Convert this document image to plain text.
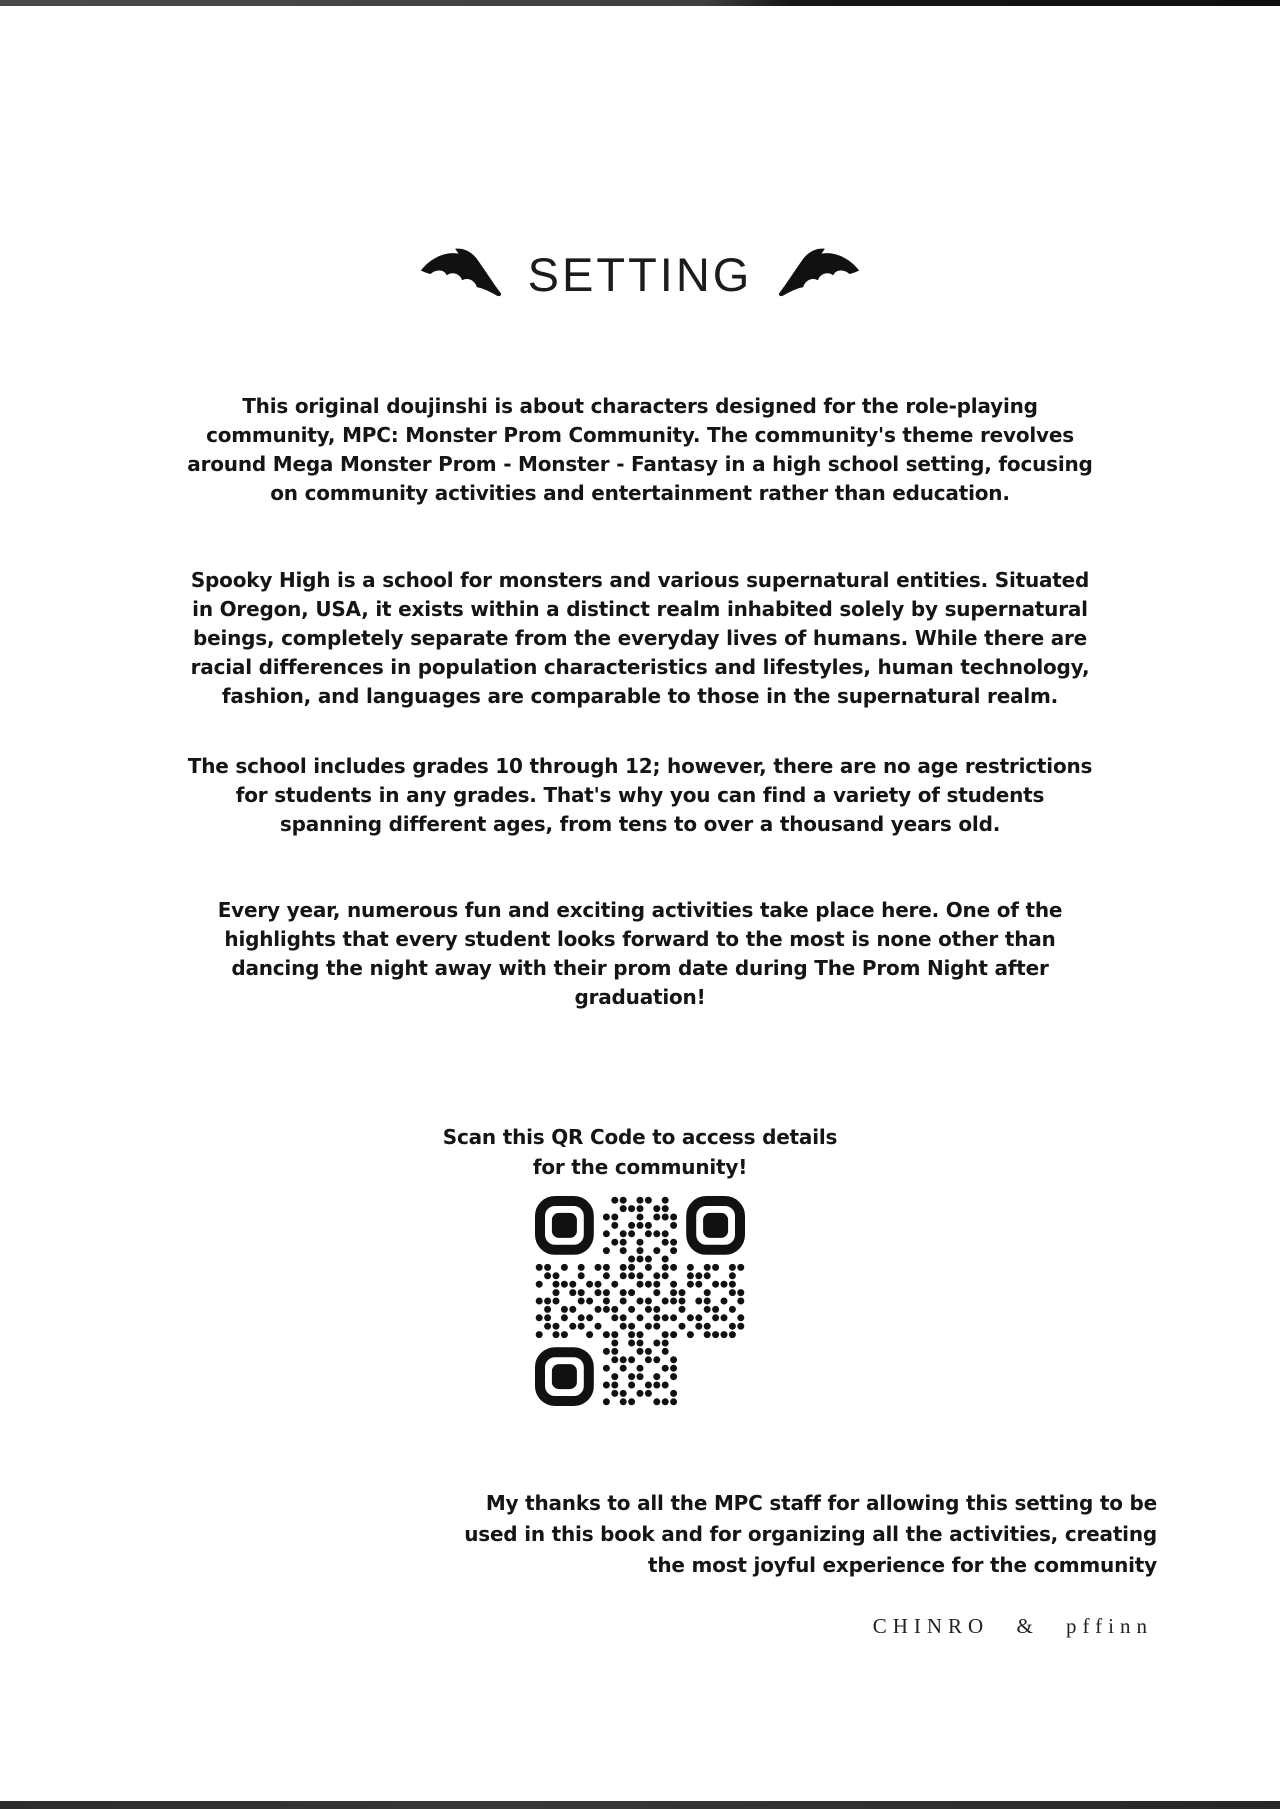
SETTING
This original doujinshi is about characters designed for the role-playing
community, MPC: Monster Prom Community. The community's theme revolves
around Mega Monster Prom - Monster - Fantasy in a high school setting, focusing
on community activities and entertainment rather than education.
Spooky High is a school for monsters and various supernatural entities. Situated
in Oregon, USA, it exists within a distinct realm inhabited solely by supernatural
beings, completely separate from the everyday lives of humans. While there are
racial differences in population characteristics and lifestyles, human technology,
fashion, and languages are comparable to those in the supernatural realm.
The school includes grades 10 through 12; however, there are no age restrictions
for students in any grades. That's why you can find a variety of students
spanning different ages, from tens to over a thousand years old.
Every year, numerous fun and exciting activities take place here. One of the
highlights that every student looks forward to the most is none other than
dancing the night away with their prom date during The Prom Night after
graduation!
Scan this QR Code to access details
for the community!
My thanks to all the MPC staff for allowing this setting to be
used in this book and for organizing all the activities, creating
the most joyful experience for the community
CHINRO & pffinn
